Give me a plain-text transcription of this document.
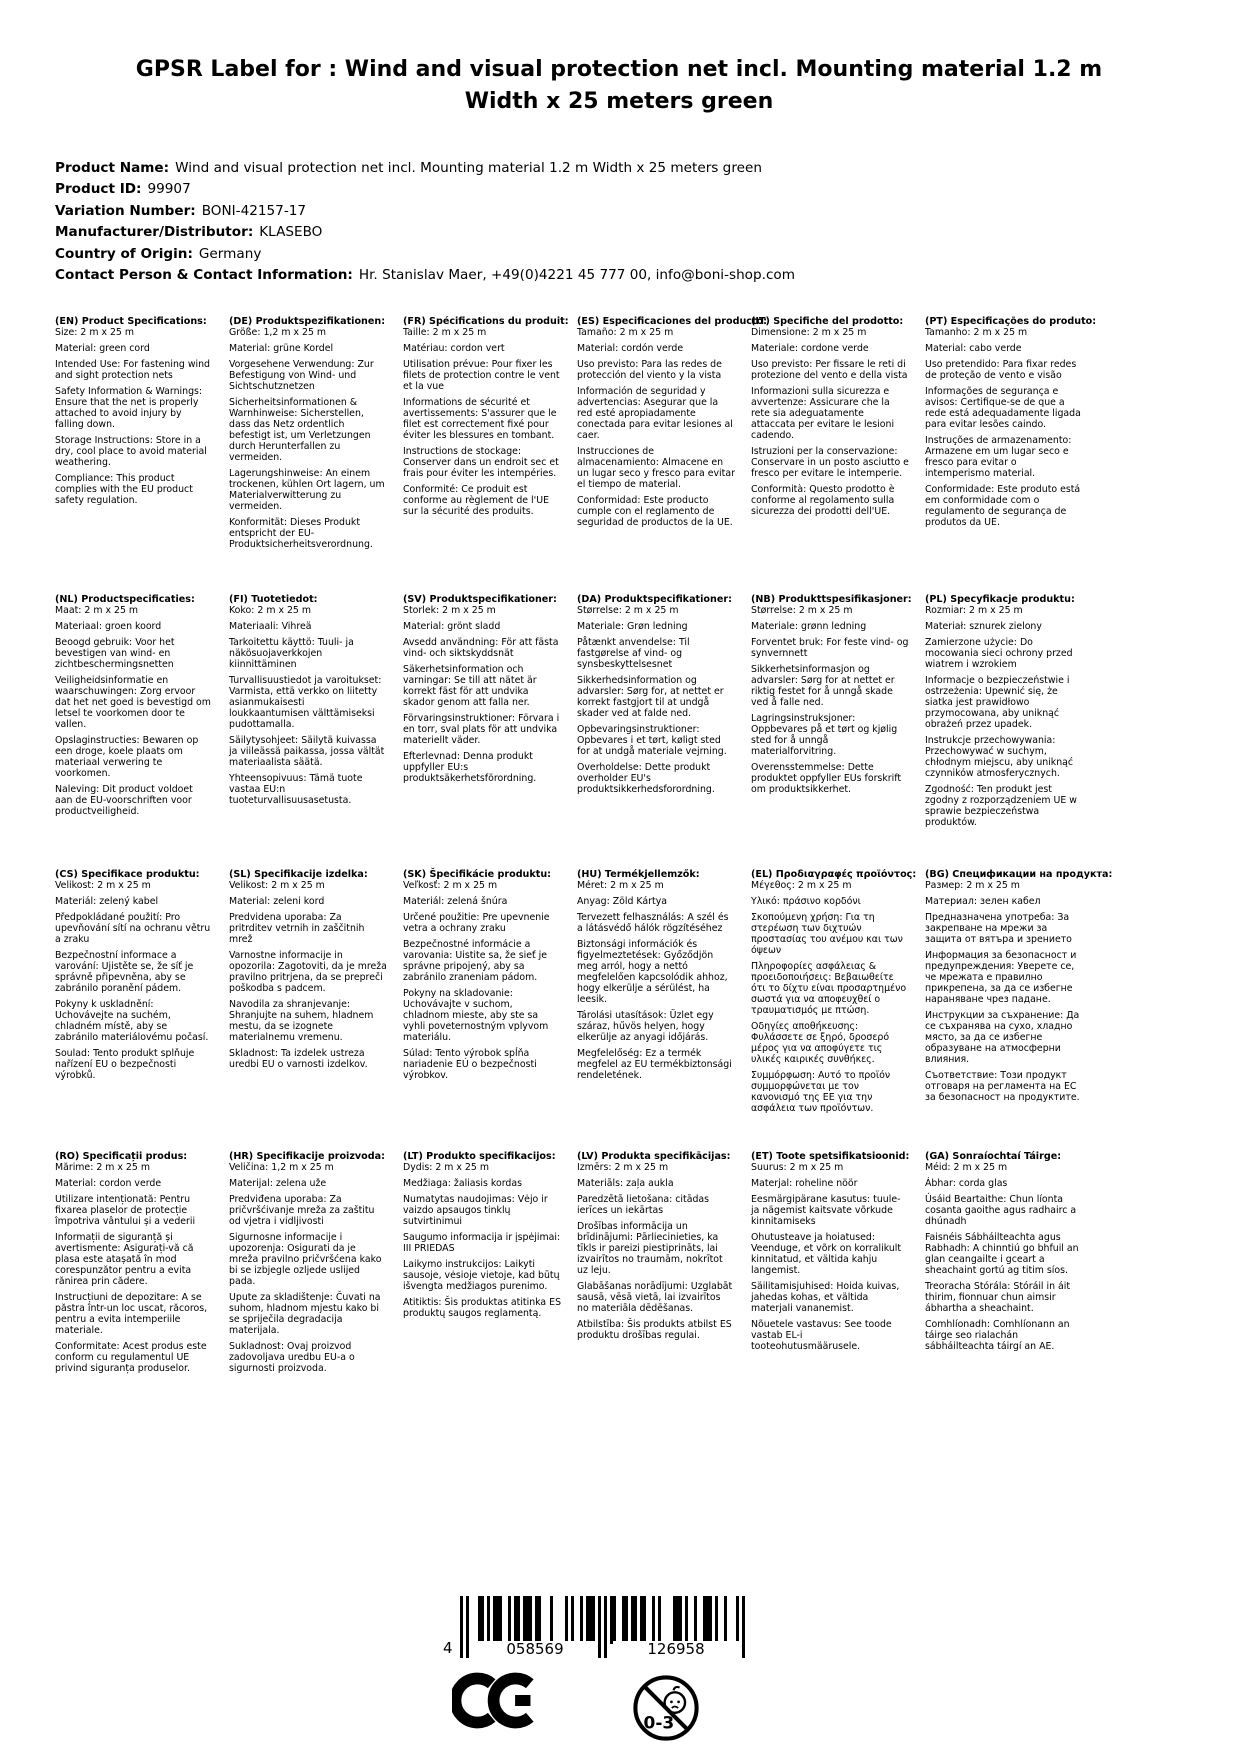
GPSR Label for : Wind and visual protection net incl. Mounting material 1.2 m Width x 25 meters green
Product Name: Wind and visual protection net incl. Mounting material 1.2 m Width x 25 meters green
Product ID: 99907
Variation Number: BONI-42157-17
Manufacturer/Distributor: KLASEBO
Country of Origin: Germany
Contact Person & Contact Information: Hr. Stanislav Maer, +49(0)4221 45 777 00, info@boni-shop.com
(EN) Product Specifications:

Size: 2 m x 25 m

Material: green cord

Intended Use: For fastening wind and sight protection nets

Safety Information & Warnings: Ensure that the net is properly attached to avoid injury by falling down.

Storage Instructions: Store in a dry, cool place to avoid material weathering.

Compliance: This product complies with the EU product safety regulation.

(DE) Produktspezifikationen:

Größe: 1,2 m x 25 m

Material: grüne Kordel

Vorgesehene Verwendung: Zur Befestigung von Wind- und Sichtschutznetzen

Sicherheitsinformationen & Warnhinweise: Sicherstellen, dass das Netz ordentlich befestigt ist, um Verletzungen durch Herunterfallen zu vermeiden.

Lagerungshinweise: An einem trockenen, kühlen Ort lagern, um Materialverwitterung zu vermeiden.

Konformität: Dieses Produkt entspricht der EU-Produktsicherheitsverordnung.

(FR) Spécifications du produit:

Taille: 2 m x 25 m

Matériau: cordon vert

Utilisation prévue: Pour fixer les filets de protection contre le vent et la vue

Informations de sécurité et avertissements: S'assurer que le filet est correctement fixé pour éviter les blessures en tombant.

Instructions de stockage: Conserver dans un endroit sec et frais pour éviter les intempéries.

Conformité: Ce produit est conforme au règlement de l'UE sur la sécurité des produits.

(ES) Especificaciones del producto:

Tamaño: 2 m x 25 m

Material: cordón verde

Uso previsto: Para las redes de protección del viento y la vista

Información de seguridad y advertencias: Asegurar que la red esté apropiadamente conectada para evitar lesiones al caer.

Instrucciones de almacenamiento: Almacene en un lugar seco y fresco para evitar el tiempo de material.

Conformidad: Este producto cumple con el reglamento de seguridad de productos de la UE.

(IT) Specifiche del prodotto:

Dimensione: 2 m x 25 m

Materiale: cordone verde

Uso previsto: Per fissare le reti di protezione del vento e della vista

Informazioni sulla sicurezza e avvertenze: Assicurare che la rete sia adeguatamente attaccata per evitare le lesioni cadendo.

Istruzioni per la conservazione: Conservare in un posto asciutto e fresco per evitare le intemperie.

Conformità: Questo prodotto è conforme al regolamento sulla sicurezza dei prodotti dell'UE.

(PT) Especificações do produto:

Tamanho: 2 m x 25 m

Material: cabo verde

Uso pretendido: Para fixar redes de proteção de vento e visão

Informações de segurança e avisos: Certifique-se de que a rede está adequadamente ligada para evitar lesões caindo.

Instruções de armazenamento: Armazene em um lugar seco e fresco para evitar o intemperismo material.

Conformidade: Este produto está em conformidade com o regulamento de segurança de produtos da UE.

(NL) Productspecificaties:

Maat: 2 m x 25 m

Materiaal: groen koord

Beoogd gebruik: Voor het bevestigen van wind- en zichtbeschermingsnetten

Veiligheidsinformatie en waarschuwingen: Zorg ervoor dat het net goed is bevestigd om letsel te voorkomen door te vallen.

Opslaginstructies: Bewaren op een droge, koele plaats om materiaal verwering te voorkomen.

Naleving: Dit product voldoet aan de EU-voorschriften voor productveiligheid.

(FI) Tuotetiedot:

Koko: 2 m x 25 m

Materiaali: Vihreä

Tarkoitettu käyttö: Tuuli- ja näkösuojaverkkojen kiinnittäminen

Turvallisuustiedot ja varoitukset: Varmista, että verkko on liitetty asianmukaisesti loukkaantumisen välttämiseksi pudottamalla.

Säilytysohjeet: Säilytä kuivassa ja viileässä paikassa, jossa vältät materiaalista säätä.

Yhteensopivuus: Tämä tuote vastaa EU:n tuoteturvallisuusasetusta.

(SV) Produktspecifikationer:

Storlek: 2 m x 25 m

Material: grönt sladd

Avsedd användning: För att fästa vind- och siktskyddsnät

Säkerhetsinformation och varningar: Se till att nätet är korrekt fäst för att undvika skador genom att falla ner.

Förvaringsinstruktioner: Förvara i en torr, sval plats för att undvika materiellt väder.

Efterlevnad: Denna produkt uppfyller EU:s produktsäkerhetsförordning.

(DA) Produktspecifikationer:

Størrelse: 2 m x 25 m

Materiale: Grøn ledning

Påtænkt anvendelse: Til fastgørelse af vind- og synsbeskyttelsesnet

Sikkerhedsinformation og advarsler: Sørg for, at nettet er korrekt fastgjort til at undgå skader ved at falde ned.

Opbevaringsinstruktioner: Opbevares i et tørt, køligt sted for at undgå materiale vejrning.

Overholdelse: Dette produkt overholder EU's produktsikkerhedsforordning.

(NB) Produkttspesifikasjoner:

Størrelse: 2 m x 25 m

Materiale: grønn ledning

Forventet bruk: For feste vind- og synvernnett

Sikkerhetsinformasjon og advarsler: Sørg for at nettet er riktig festet for å unngå skade ved å falle ned.

Lagringsinstruksjoner: Oppbevares på et tørt og kjølig sted for å unngå materialforvitring.

Overensstemmelse: Dette produktet oppfyller EUs forskrift om produktsikkerhet.

(PL) Specyfikacje produktu:

Rozmiar: 2 m x 25 m

Materiał: sznurek zielony

Zamierzone użycie: Do mocowania sieci ochrony przed wiatrem i wzrokiem

Informacje o bezpieczeństwie i ostrzeżenia: Upewnić się, że siatka jest prawidłowo przymocowana, aby uniknąć obrażeń przez upadek.

Instrukcje przechowywania: Przechowywać w suchym, chłodnym miejscu, aby uniknąć czynników atmosferycznych.

Zgodność: Ten produkt jest zgodny z rozporządzeniem UE w sprawie bezpieczeństwa produktów.

(CS) Specifikace produktu:

Velikost: 2 m x 25 m

Materiál: zelený kabel

Předpokládané použití: Pro upevňování sítí na ochranu větru a zraku

Bezpečnostní informace a varování: Ujistěte se, že síť je správně připevněna, aby se zabránilo poranění pádem.

Pokyny k uskladnění: Uchovávejte na suchém, chladném místě, aby se zabránilo materiálovému počasí.

Soulad: Tento produkt splňuje nařízení EU o bezpečnosti výrobků.

(SL) Specifikacije izdelka:

Velikost: 2 m x 25 m

Material: zeleni kord

Predvidena uporaba: Za pritrditev vetrnih in zaščitnih mrež

Varnostne informacije in opozorila: Zagotoviti, da je mreža pravilno pritrjena, da se prepreči poškodba s padcem.

Navodila za shranjevanje: Shranjujte na suhem, hladnem mestu, da se izognete materialnemu vremenu.

Skladnost: Ta izdelek ustreza uredbi EU o varnosti izdelkov.

(SK) Špecifikácie produktu:

Veľkosť: 2 m x 25 m

Materiál: zelená šnúra

Určené použitie: Pre upevnenie vetra a ochrany zraku

Bezpečnostné informácie a varovania: Uistite sa, že sieť je správne pripojený, aby sa zabránilo zraneniam pádom.

Pokyny na skladovanie: Uchovávajte v suchom, chladnom mieste, aby ste sa vyhli poveternostným vplyvom materiálu.

Súlad: Tento výrobok spĺňa nariadenie EÚ o bezpečnosti výrobkov.

(HU) Termékjellemzők:

Méret: 2 m x 25 m

Anyag: Zöld Kártya

Tervezett felhasználás: A szél és a látásvédő hálók rögzítéséhez

Biztonsági információk és figyelmeztetések: Győződjön meg arról, hogy a nettó megfelelően kapcsolódik ahhoz, hogy elkerülje a sérülést, ha leesik.

Tárolási utasítások: Üzlet egy száraz, hűvös helyen, hogy elkerülje az anyagi időjárás.

Megfelelőség: Ez a termék megfelel az EU termékbiztonsági rendeletének.

(EL) Προδιαγραφές προϊόντος:

Μέγεθος: 2 m x 25 m

Υλικό: πράσινο κορδόνι

Σκοπούμενη χρήση: Για τη στερέωση των διχτυών προστασίας του ανέμου και των όψεων

Πληροφορίες ασφάλειας & προειδοποιήσεις: Βεβαιωθείτε ότι το δίχτυ είναι προσαρτημένο σωστά για να αποφευχθεί ο τραυματισμός με πτώση.

Οδηγίες αποθήκευσης: Φυλάσσετε σε ξηρό, δροσερό μέρος για να αποφύγετε τις υλικές καιρικές συνθήκες.

Συμμόρφωση: Αυτό το προϊόν συμμορφώνεται με τον κανονισμό της ΕΕ για την ασφάλεια των προϊόντων.

(BG) Спецификации на продукта:

Размер: 2 m x 25 m

Материал: зелен кабел

Предназначена употреба: За закрепване на мрежи за защита от вятъра и зрението

Информация за безопасност и предупреждения: Уверете се, че мрежата е правилно прикрепена, за да се избегне нараняване чрез падане.

Инструкции за съхранение: Да се съхранява на сухо, хладно място, за да се избегне образуване на атмосферни влияния.

Съответствие: Този продукт отговаря на регламента на ЕС за безопасност на продуктите.

(RO) Specificații produs:

Mărime: 2 m x 25 m

Material: cordon verde

Utilizare intenționată: Pentru fixarea plaselor de protecție împotriva vântului și a vederii

Informații de siguranță și avertismente: Asigurați-vă că plasa este atașată în mod corespunzător pentru a evita rănirea prin cădere.

Instrucțiuni de depozitare: A se păstra într-un loc uscat, răcoros, pentru a evita intemperiile materiale.

Conformitate: Acest produs este conform cu regulamentul UE privind siguranța produselor.

(HR) Specifikacije proizvoda:

Veličina: 1,2 m x 25 m

Materijal: zelena uže

Predviđena uporaba: Za pričvršćivanje mreža za zaštitu od vjetra i vidljivosti

Sigurnosne informacije i upozorenja: Osigurati da je mreža pravilno pričvršćena kako bi se izbjegle ozljede uslijed pada.

Upute za skladištenje: Čuvati na suhom, hladnom mjestu kako bi se spriječila degradacija materijala.

Sukladnost: Ovaj proizvod zadovoljava uredbu EU-a o sigurnosti proizvoda.

(LT) Produkto specifikacijos:

Dydis: 2 m x 25 m

Medžiaga: žaliasis kordas

Numatytas naudojimas: Vėjo ir vaizdo apsaugos tinklų sutvirtinimui

Saugumo informacija ir įspėjimai: III PRIEDAS

Laikymo instrukcijos: Laikyti sausoje, vėsioje vietoje, kad būtų išvengta medžiagos purenimo.

Atitiktis: Šis produktas atitinka ES produktų saugos reglamentą.

(LV) Produkta specifikācijas:

Izmērs: 2 m x 25 m

Materiāls: zaļa aukla

Paredzētā lietošana: citādas ierīces un iekārtas

Drošības informācija un brīdinājumi: Pārliecinieties, ka tīkls ir pareizi piestiprināts, lai izvairītos no traumām, nokrītot uz leju.

Glabāšanas norādījumi: Uzglabāt sausā, vēsā vietā, lai izvairītos no materiāla dēdēšanas.

Atbilstība: Šis produkts atbilst ES produktu drošības regulai.

(ET) Toote spetsifikatsioonid:

Suurus: 2 m x 25 m

Materjal: roheline nöör

Eesmärgipärane kasutus: tuule- ja nägemist kaitsvate võrkude kinnitamiseks

Ohutusteave ja hoiatused: Veenduge, et võrk on korralikult kinnitatud, et vältida kahju langemist.

Säilitamisjuhised: Hoida kuivas, jahedas kohas, et vältida materjali vananemist.

Nõuetele vastavus: See toode vastab EL-i tooteohutusmäärusele.

(GA) Sonraíochtaí Táirge:

Méid: 2 m x 25 m

Ábhar: corda glas

Úsáid Beartaithe: Chun líonta cosanta gaoithe agus radhairc a dhúnadh

Faisnéis Sábháilteachta agus Rabhadh: A chinntiú go bhfuil an glan ceangailte i gceart a sheachaint gortú ag titim síos.

Treoracha Stórála: Stóráil in áit thirim, fionnuar chun aimsir ábhartha a sheachaint.

Comhlíonadh: Comhlíonann an táirge seo rialachán sábháilteachta táirgí an AE.

4	058569	126958
0-3
